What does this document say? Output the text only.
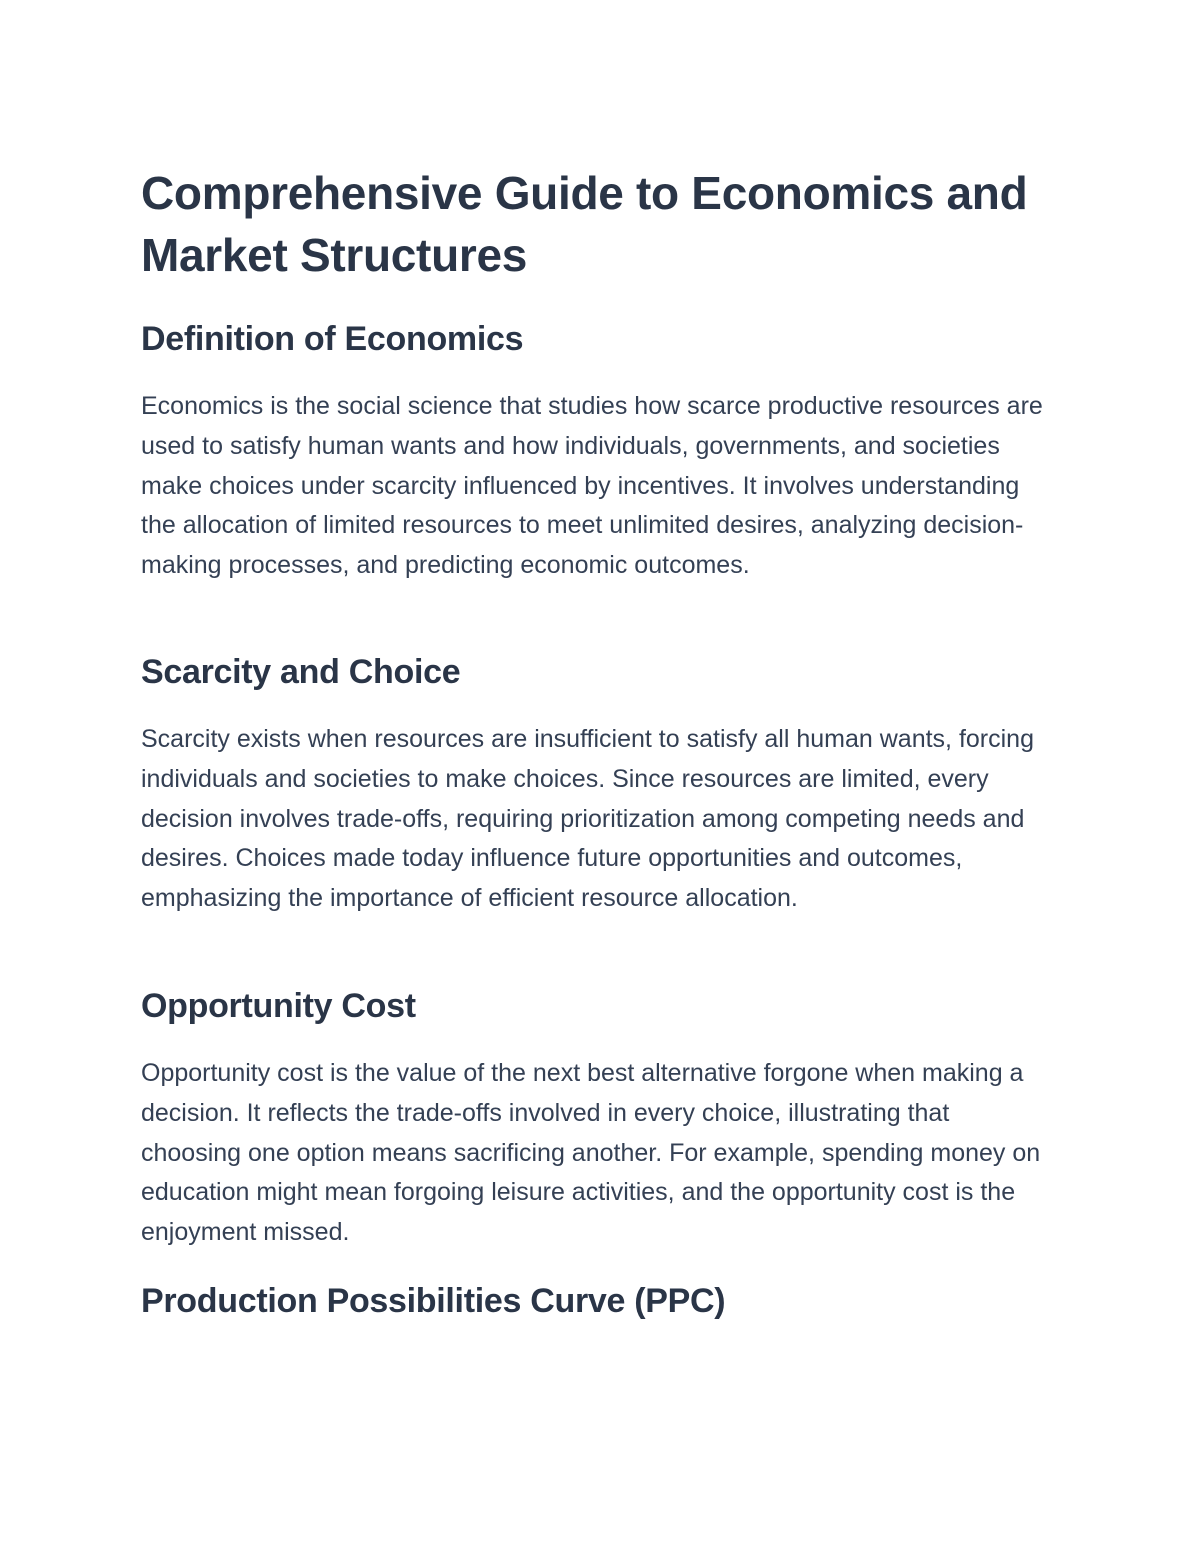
Comprehensive Guide to Economics and Market Structures
Definition of Economics

Economics is the social science that studies how scarce productive resources are used to satisfy human wants and how individuals, governments, and societies make choices under scarcity influenced by incentives. It involves understanding the allocation of limited resources to meet unlimited desires, analyzing decision-making processes, and predicting economic outcomes.

Scarcity and Choice

Scarcity exists when resources are insufficient to satisfy all human wants, forcing individuals and societies to make choices. Since resources are limited, every decision involves trade-offs, requiring prioritization among competing needs and desires. Choices made today influence future opportunities and outcomes, emphasizing the importance of efficient resource allocation.

Opportunity Cost

Opportunity cost is the value of the next best alternative forgone when making a decision. It reflects the trade-offs involved in every choice, illustrating that choosing one option means sacrificing another. For example, spending money on education might mean forgoing leisure activities, and the opportunity cost is the enjoyment missed.

Production Possibilities Curve (PPC)
